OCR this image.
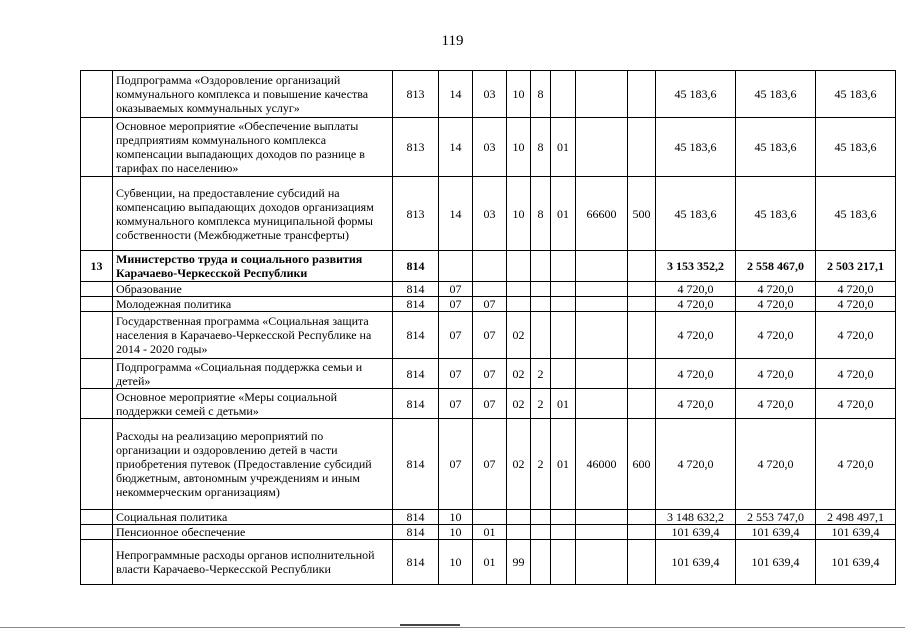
119
	Подпрограмма «Оздоровление организаций коммунального комплекса и повышение качества оказываемых коммунальных услуг»	813	14	03	10	8				45 183,6	45 183,6	45 183,6
	Основное мероприятие «Обеспечение выплаты предприятиям коммунального комплекса компенсации выпадающих доходов по разнице в тарифах по населению»	813	14	03	10	8	01			45 183,6	45 183,6	45 183,6
	Субвенции, на предоставление субсидий на компенсацию выпадающих доходов организациям коммунального комплекса муниципальной формы собственности (Межбюджетные трансферты)	813	14	03	10	8	01	66600	500	45 183,6	45 183,6	45 183,6
13	Министерство труда и социального развития Карачаево-Черкесской Республики	814								3 153 352,2	2 558 467,0	2 503 217,1
	Образование	814	07							4 720,0	4 720,0	4 720,0
	Молодежная политика	814	07	07						4 720,0	4 720,0	4 720,0
	Государственная программа «Социальная защита населения в Карачаево-Черкесской Республике на 2014 - 2020 годы»	814	07	07	02					4 720,0	4 720,0	4 720,0
	Подпрограмма «Социальная поддержка семьи и детей»	814	07	07	02	2				4 720,0	4 720,0	4 720,0
	Основное мероприятие «Меры социальной поддержки семей с детьми»	814	07	07	02	2	01			4 720,0	4 720,0	4 720,0
	Расходы на реализацию мероприятий по организации и оздоровлению детей в части приобретения путевок (Предоставление субсидий бюджетным, автономным учреждениям и иным некоммерческим организациям)	814	07	07	02	2	01	46000	600	4 720,0	4 720,0	4 720,0
	Социальная политика	814	10							3 148 632,2	2 553 747,0	2 498 497,1
	Пенсионное обеспечение	814	10	01						101 639,4	101 639,4	101 639,4
	Непрограммные расходы органов исполнительной власти Карачаево-Черкесской Республики	814	10	01	99					101 639,4	101 639,4	101 639,4
